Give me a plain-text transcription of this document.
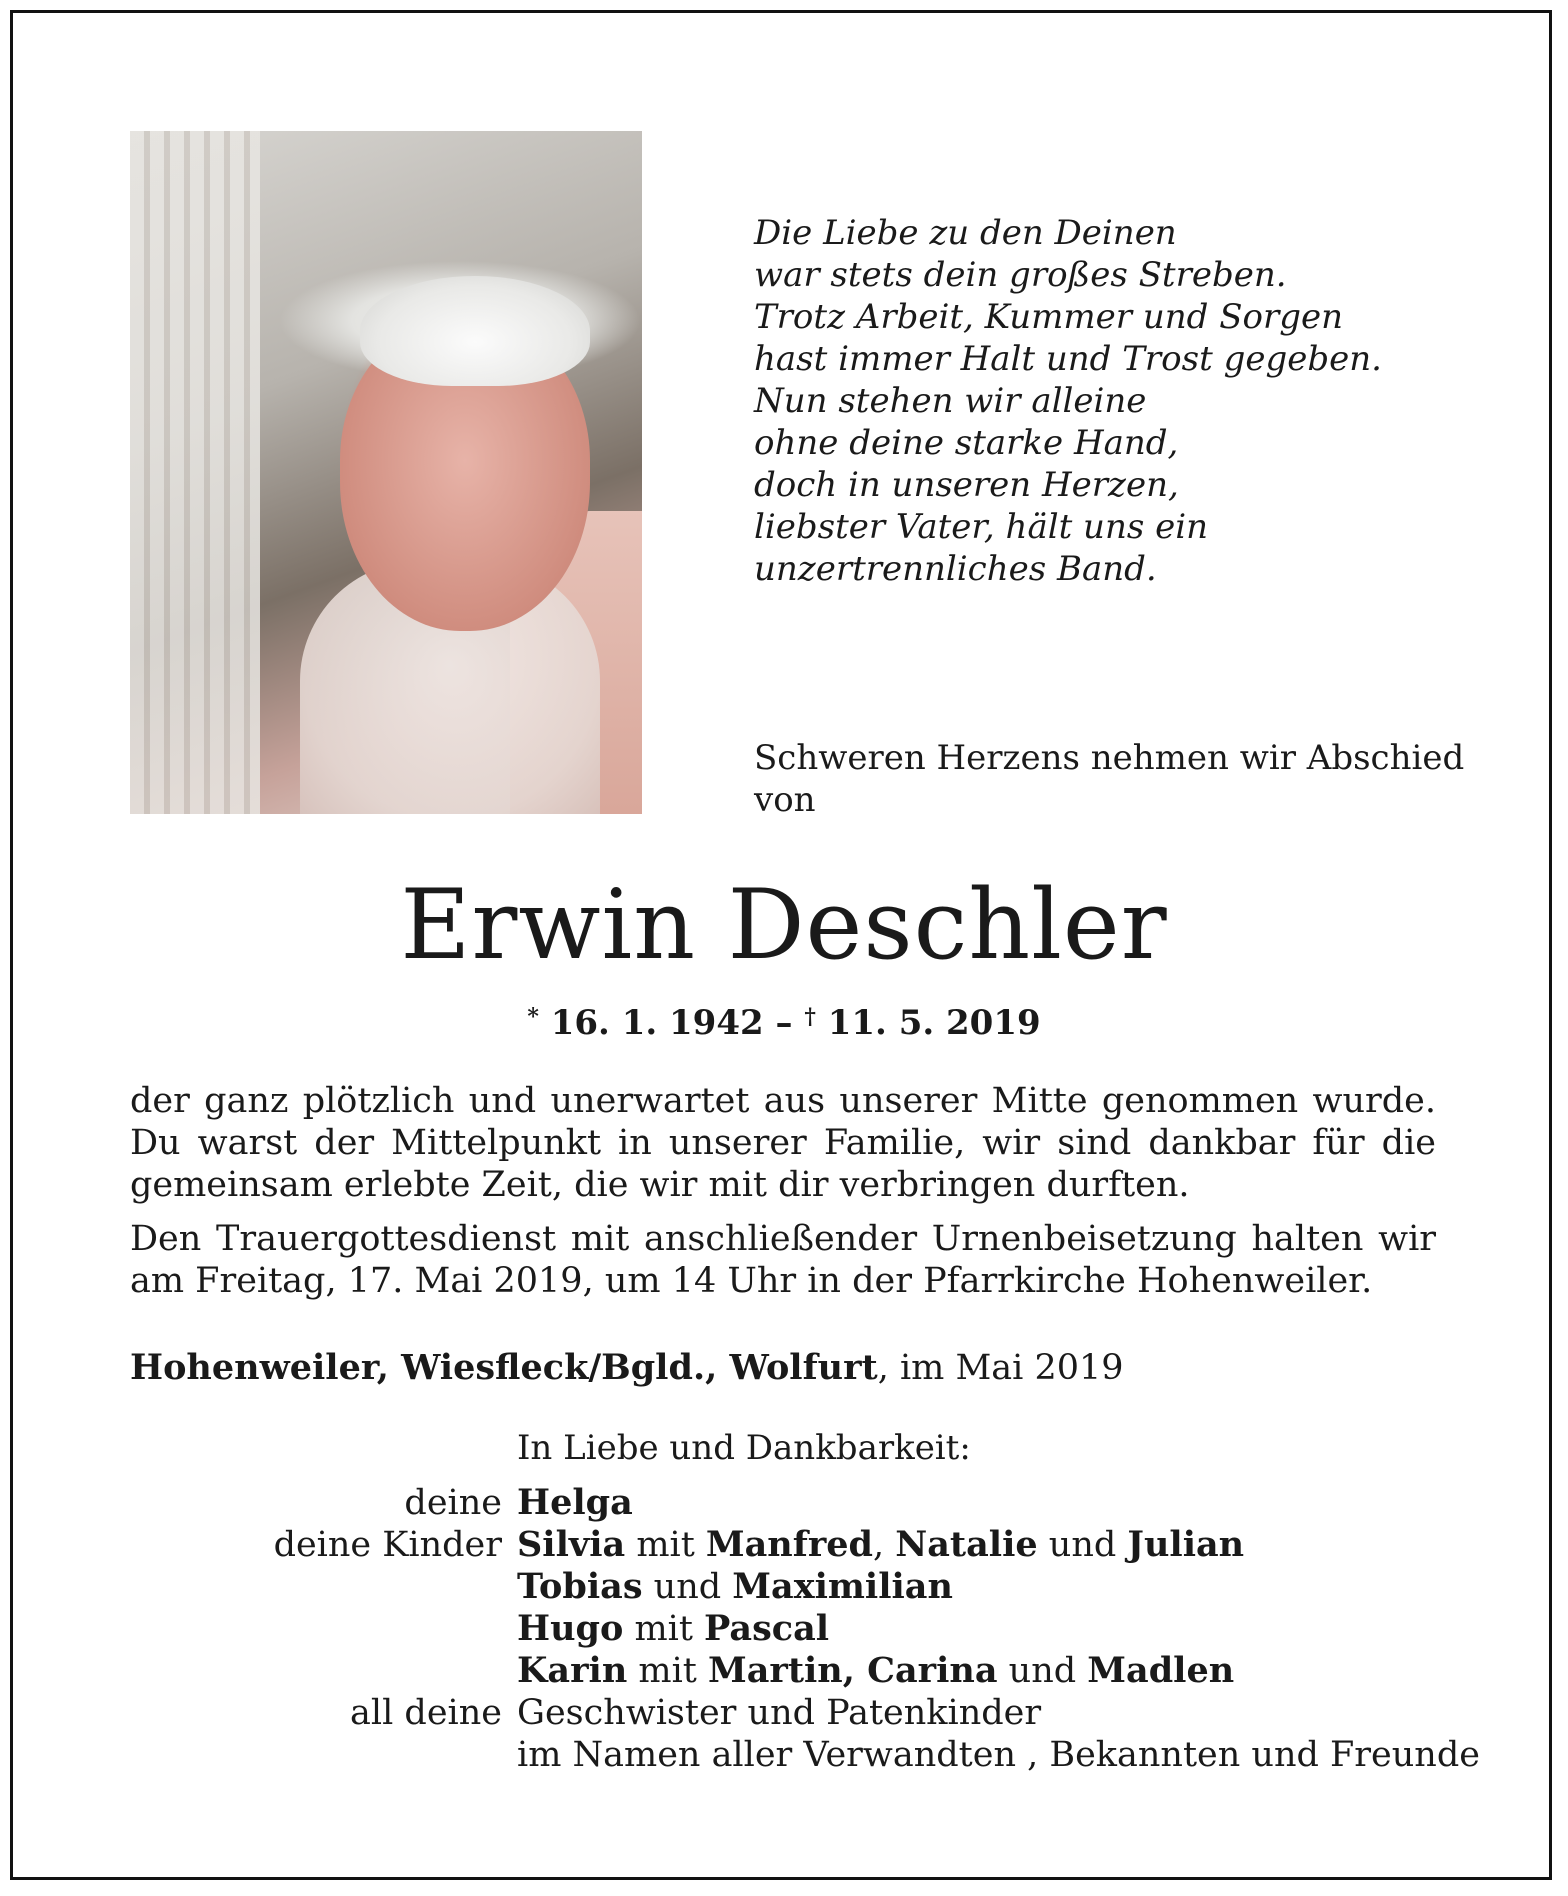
Die Liebe zu den Deinen
war stets dein großes Streben.
Trotz Arbeit, Kummer und Sorgen
hast immer Halt und Trost gegeben.
Nun stehen wir alleine
ohne deine starke Hand,
doch in unseren Herzen,
liebster Vater, hält uns ein
unzertrennliches Band.
Schweren Herzens nehmen wir Abschied von
Erwin Deschler
* 16. 1. 1942 – † 11. 5. 2019
der ganz plötzlich und unerwartet aus unserer Mitte genommen wurde. Du warst der Mittelpunkt in unserer Familie, wir sind dankbar für die gemeinsam erlebte Zeit, die wir mit dir verbringen durften.
Den Trauergottesdienst mit anschließender Urnenbeisetzung halten wir am Freitag, 17. Mai 2019, um 14 Uhr in der Pfarrkirche Hohenweiler.
Hohenweiler, Wiesfleck/Bgld., Wolfurt, im Mai 2019
In Liebe und Dankbarkeit:
deine Helga
deine Kinder Silvia mit Manfred, Natalie und Julian
Tobias und Maximilian
Hugo mit Pascal
Karin mit Martin, Carina und Madlen
all deine Geschwister und Patenkinder
im Namen aller Verwandten , Bekannten und Freunde
